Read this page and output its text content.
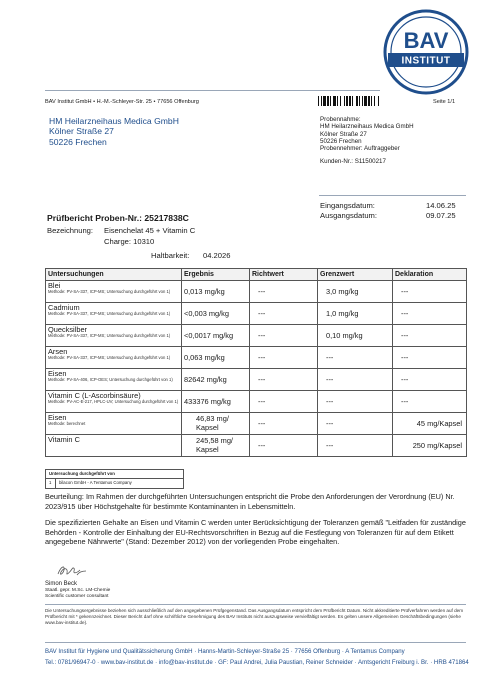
BAV
INSTITUT
BAV Institut GmbH • H.-M.-Schleyer-Str. 25 • 77656 Offenburg	Seite 1/1
HM Heilarzneihaus Medica GmbH
Kölner Straße 27
50226 Frechen
Probennahme:
HM Heilarzneihaus Medica GmbH
Kölner Straße 27
50226 Frechen
Probennehmer: Auftraggeber
Kunden-Nr.: S11500217
Eingangsdatum:	14.06.25
Ausgangsdatum:	09.07.25
Prüfbericht Proben-Nr.: 25217838C
Bezeichnung: Eisenchelat 45 + Vitamin C
Charge: 10310
Haltbarkeit: 04.2026
Untersuchungen	Ergebnis	Richtwert	Grenzwert	Deklaration

Blei
Methode: PV-SA-337, ICP-MS; Untersuchung durchgeführt von 1)	0,013 mg/kg	---	3,0 mg/kg	---

Cadmium
Methode: PV-SA-337, ICP-MS; Untersuchung durchgeführt von 1)	<0,003 mg/kg	---	1,0 mg/kg	---

Quecksilber
Methode: PV-SA-337, ICP-MS; Untersuchung durchgeführt von 1)	<0,0017 mg/kg	---	0,10 mg/kg	---

Arsen
Methode: PV-SA-337, ICP-MS; Untersuchung durchgeführt von 1)	0,063 mg/kg	---	---	---

Eisen
Methode: PV-SA-406, ICP-OES; Untersuchung durchgeführt von 1)	82642 mg/kg	---	---	---

Vitamin C (L-Ascorbinsäure)
Methode: PV-AC-E-217, HPLC-UV; Untersuchung durchgeführt von 1)	433376 mg/kg	---	---	---

Eisen
Methode: berechnet	46,83 mg/ Kapsel	---	---	45 mg/Kapsel

Vitamin C	245,58 mg/ Kapsel	---	---	250 mg/Kapsel
Untersuchung durchgeführt von
1	bilacon GmbH - A Tentamus Company
Beurteilung: Im Rahmen der durchgeführten Untersuchungen entspricht die Probe den Anforderungen der Verordnung (EU) Nr. 2023/915 über Höchstgehalte für bestimmte Kontaminanten in Lebensmitteln.
Die spezifizierten Gehalte an Eisen und Vitamin C werden unter Berücksichtigung der Toleranzen gemäß "Leitfaden für zuständige Behörden - Kontrolle der Einhaltung der EU-Rechtsvorschriften in Bezug auf die Festlegung von Toleranzen für auf dem Etikett angegebene Nährwerte" (Stand: Dezember 2012) von der vorliegenden Probe eingehalten.
Simon Beck
Staatl. gepr. M.Sc. LM-Chemie
Scientific customer consultant
Die Untersuchungsergebnisse beziehen sich ausschließlich auf den angegebenen Prüfgegenstand. Das Ausgangsdatum entspricht dem Prüfbericht Datum. Nicht akkreditierte Prüfverfahren werden auf dem Prüfbericht mit * gekennzeichnet. Dieser Bericht darf ohne schriftliche Genehmigung des BAV Instituts nicht auszugsweise vervielfältigt werden. Es gelten unsere Allgemeinen Geschäftsbedingungen (siehe www.bav-institut.de).
BAV Institut für Hygiene und Qualitätssicherung GmbH · Hanns-Martin-Schleyer-Straße 25 · 77656 Offenburg · A Tentamus Company
Tel.: 0781/96947-0 · www.bav-institut.de · info@bav-institut.de · GF: Paul Andrei, Julia Paustian, Reiner Schneider · Amtsgericht Freiburg i. Br. · HRB 471864
